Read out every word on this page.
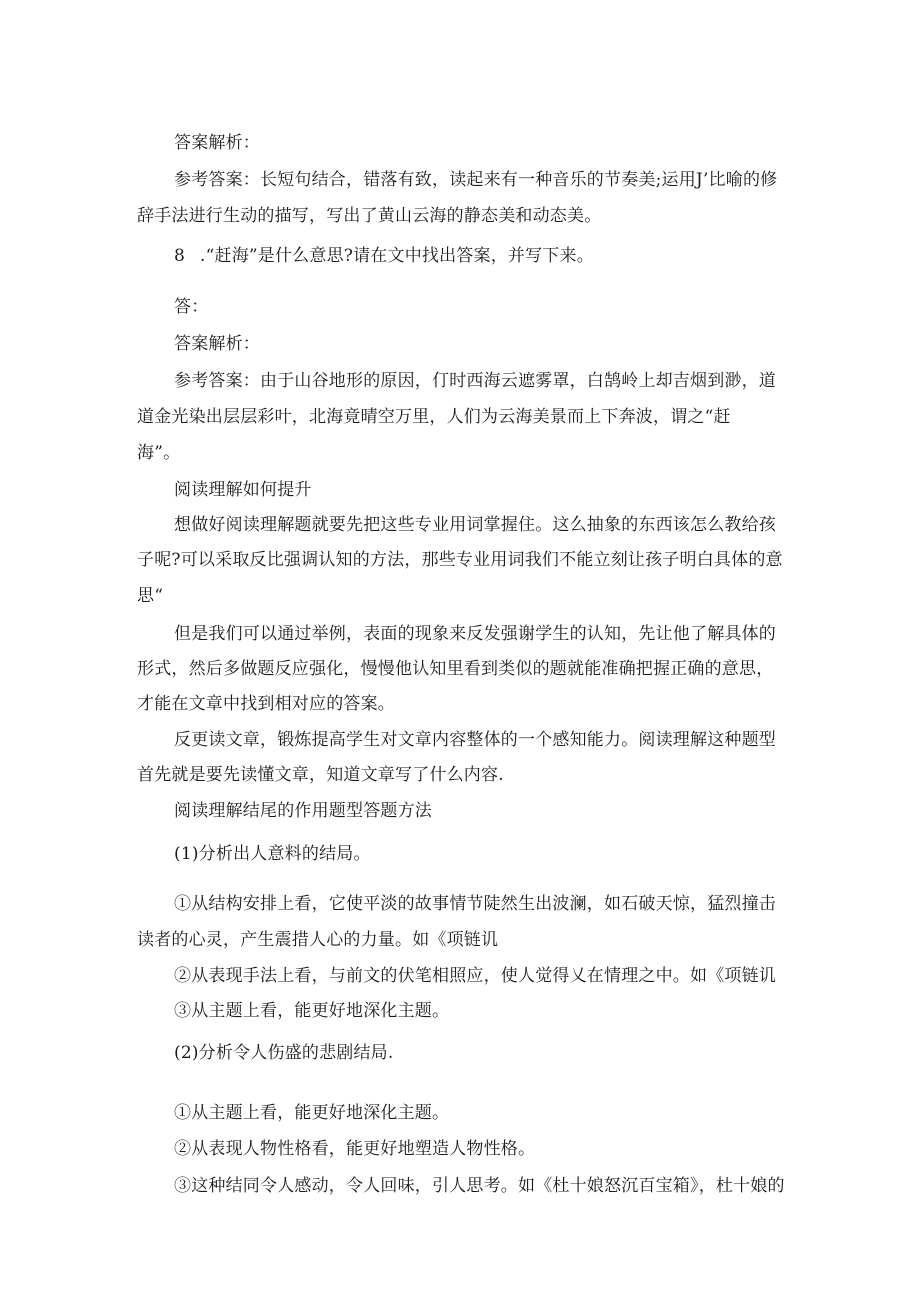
答案解析：
参考答案：长短句结合，错落有致，读起来有一种音乐的节奏美;运用J’比喻的修
辞手法进行生动的描写，写出了黄山云海的静态美和动态美。
8 .“赶海”是什么意思?请在文中找出答案，并写下来。
答：
答案解析：
参考答案：由于山谷地形的原因，仃时西海云遮雾罩，白鹄岭上却吉烟到渺，道
道金光染出层层彩叶，北海竟晴空万里，人们为云海美景而上下奔波，谓之“赶
海”。
阅读理解如何提升
想做好阅读理解题就要先把这些专业用词掌握住。这么抽象的东西该怎么教给孩
子呢?可以采取反比强调认知的方法，那些专业用词我们不能立刻让孩子明白具体的意
思“
但是我们可以通过举例，表面的现象来反发强谢学生的认知，先让他了解具体的
形式，然后多做题反应强化，慢慢他认知里看到类似的题就能准确把握正确的意思，
才能在文章中找到相对应的答案。
反更读文章，锻炼提高学生对文章内容整体的一个感知能力。阅读理解这种题型
首先就是要先读懂文章，知道文章写了什么内容.
阅读理解结尾的作用题型答题方法
(1)分析出人意料的结局。
①从结构安排上看，它使平淡的故事情节陡然生出波澜，如石破天惊，猛烈撞击
读者的心灵，产生震措人心的力量。如《项链讥
②从表现手法上看，与前文的伏笔相照应，使人觉得乂在情理之中。如《项链讥
③从主题上看，能更好地深化主题。
(2)分析令人伤盛的悲剧结局.
①从主题上看，能更好地深化主题。
②从表现人物性格看，能更好地塑造人物性格。
③这种结同令人感动，令人回味，引人思考。如《杜十娘怒沉百宝箱》，杜十娘的
